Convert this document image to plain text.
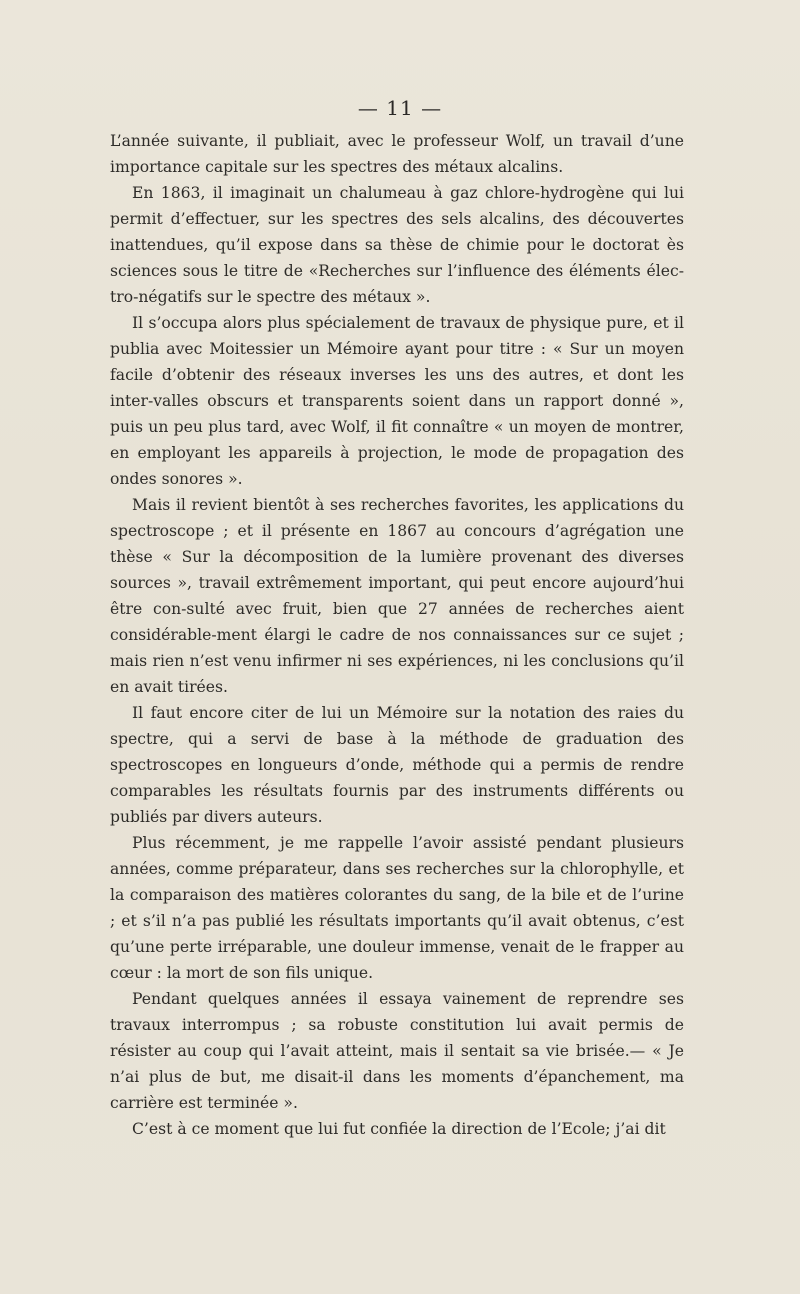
— 11 —

L’année suivante, il publiait, avec le professeur Wolf, un travail d’une importance capitale sur les spectres des métaux alcalins.

En 1863, il imaginait un chalumeau à gaz chlore-hydrogène qui lui permit d’effectuer, sur les spectres des sels alcalins, des découvertes inattendues, qu’il expose dans sa thèse de chimie pour le doctorat ès sciences sous le titre de «Recherches sur l’influence des éléments élec-tro-négatifs sur le spectre des métaux ».

Il s’occupa alors plus spécialement de travaux de physique pure, et il publia avec Moitessier un Mémoire ayant pour titre : « Sur un moyen facile d’obtenir des réseaux inverses les uns des autres, et dont les inter-valles obscurs et transparents soient dans un rapport donné », puis un peu plus tard, avec Wolf, il fit connaître « un moyen de montrer, en employant les appareils à projection, le mode de propagation des ondes sonores ».

Mais il revient bientôt à ses recherches favorites, les applications du spectroscope ; et il présente en 1867 au concours d’agrégation une thèse « Sur la décomposition de la lumière provenant des diverses sources », travail extrêmement important, qui peut encore aujourd’hui être con-sulté avec fruit, bien que 27 années de recherches aient considérable-ment élargi le cadre de nos connaissances sur ce sujet ; mais rien n’est venu infirmer ni ses expériences, ni les conclusions qu’il en avait tirées.

Il faut encore citer de lui un Mémoire sur la notation des raies du spectre, qui a servi de base à la méthode de graduation des spectroscopes en longueurs d’onde, méthode qui a permis de rendre comparables les résultats fournis par des instruments différents ou publiés par divers auteurs.

Plus récemment, je me rappelle l’avoir assisté pendant plusieurs années, comme préparateur, dans ses recherches sur la chlorophylle, et la comparaison des matières colorantes du sang, de la bile et de l’urine ; et s’il n’a pas publié les résultats importants qu’il avait obtenus, c’est qu’une perte irréparable, une douleur immense, venait de le frapper au cœur : la mort de son fils unique.

Pendant quelques années il essaya vainement de reprendre ses travaux interrompus ; sa robuste constitution lui avait permis de résister au coup qui l’avait atteint, mais il sentait sa vie brisée.— « Je n’ai plus de but, me disait-il dans les moments d’épanchement, ma carrière est terminée ».

C’est à ce moment que lui fut confiée la direction de l’Ecole; j’ai dit
